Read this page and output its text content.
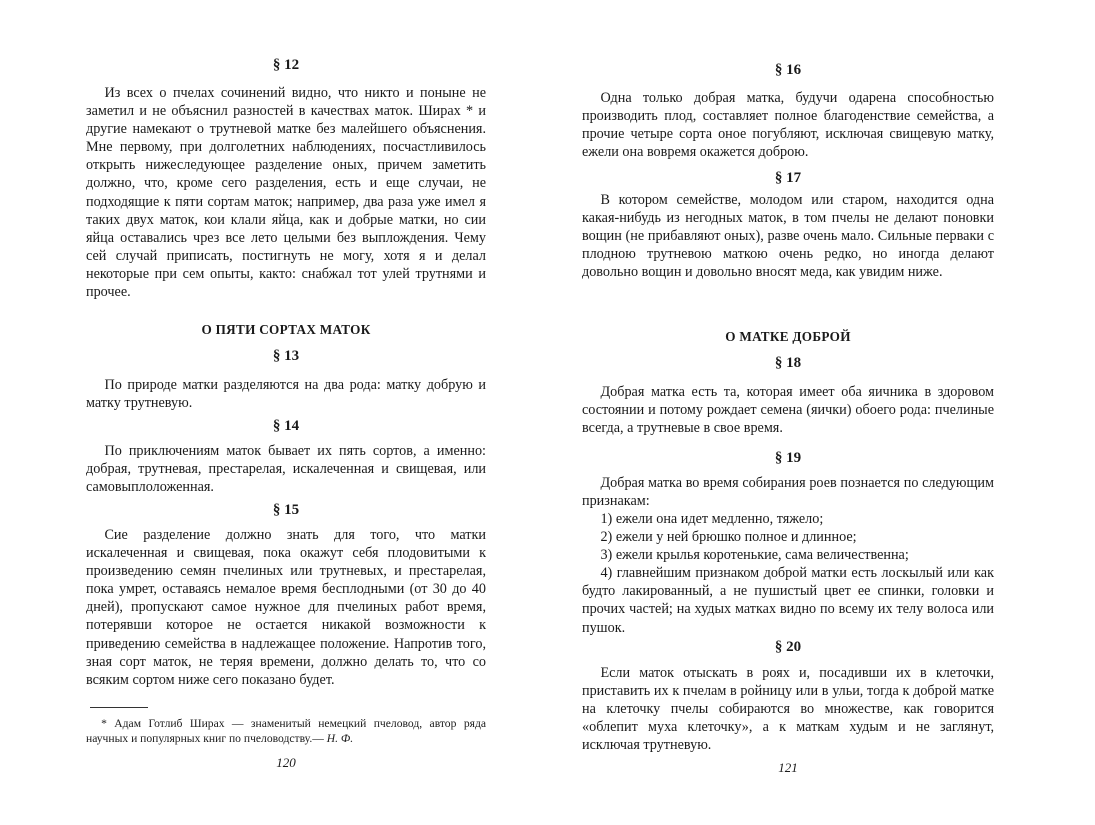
§ 12

Из всех о пчелах сочинений видно, что никто и поныне не заметил и не объяснил разностей в качествах маток. Ширах * и другие намекают о трутневой матке без малейшего объяснения. Мне первому, при долголетних наблюдениях, посчастливилось открыть нижеследующее разделение оных, причем заметить должно, что, кроме сего разделения, есть и еще случаи, не подходящие к пяти сортам маток; например, два раза уже имел я таких двух маток, кои клали яйца, как и добрые матки, но сии яйца оставались чрез все лето целыми без выплождения. Чему сей случай приписать, постигнуть не могу, хотя я и делал некоторые при сем опыты, както: снабжал тот улей трутнями и прочее.

О ПЯТИ СОРТАХ МАТОК
§ 13

По природе матки разделяются на два рода: матку добрую и матку трутневую.

§ 14

По приключениям маток бывает их пять сортов, а именно: добрая, трутневая, престарелая, искалеченная и свищевая, или самовыплоложенная.

§ 15

Сие разделение должно знать для того, что матки искалеченная и свищевая, пока окажут себя плодовитыми к произведению семян пчелиных или трутневых, и престарелая, пока умрет, оставаясь немалое время бесплодными (от 30 до 40 дней), пропускают самое нужное для пчелиных работ время, потерявши которое не остается никакой возможности к приведению семейства в надлежащее положение. Напротив того, зная сорт маток, не теряя времени, должно делать то, что со всяким сортом ниже сего показано будет.

* Адам Готлиб Ширах — знаменитый немецкий пчеловод, автор ряда научных и популярных книг по пчеловодству.— Н. Ф.

120
§ 16

Одна только добрая матка, будучи одарена способностью производить плод, составляет полное благоденствие семейства, а прочие четыре сорта оное погубляют, исключая свищевую матку, ежели она вовремя окажется доброю.

§ 17

В котором семействе, молодом или старом, находится одна какая-нибудь из негодных маток, в том пчелы не делают поновки вощин (не прибавляют оных), разве очень мало. Сильные перваки с плодною трутневою маткою очень редко, но иногда делают довольно вощин и довольно вносят меда, как увидим ниже.

О МАТКЕ ДОБРОЙ
§ 18

Добрая матка есть та, которая имеет оба яичника в здоровом состоянии и потому рождает семена (яички) обоего рода: пчелиные всегда, а трутневые в свое время.

§ 19

Добрая матка во время собирания роев познается по следующим признакам:

1) ежели она идет медленно, тяжело;
2) ежели у ней брюшко полное и длинное;
3) ежели крылья коротенькие, сама величественна;
4) главнейшим признаком доброй матки есть лоскылый или как будто лакированный, а не пушистый цвет ее спинки, головки и прочих частей; на худых матках видно по всему их телу волоса или пушок.
§ 20

Если маток отыскать в роях и, посадивши их в клеточки, приставить их к пчелам в ройницу или в ульи, тогда к доброй матке на клеточку пчелы собираются во множестве, как говорится «облепит муха клеточку», а к маткам худым и не заглянут, исключая трутневую.

121
